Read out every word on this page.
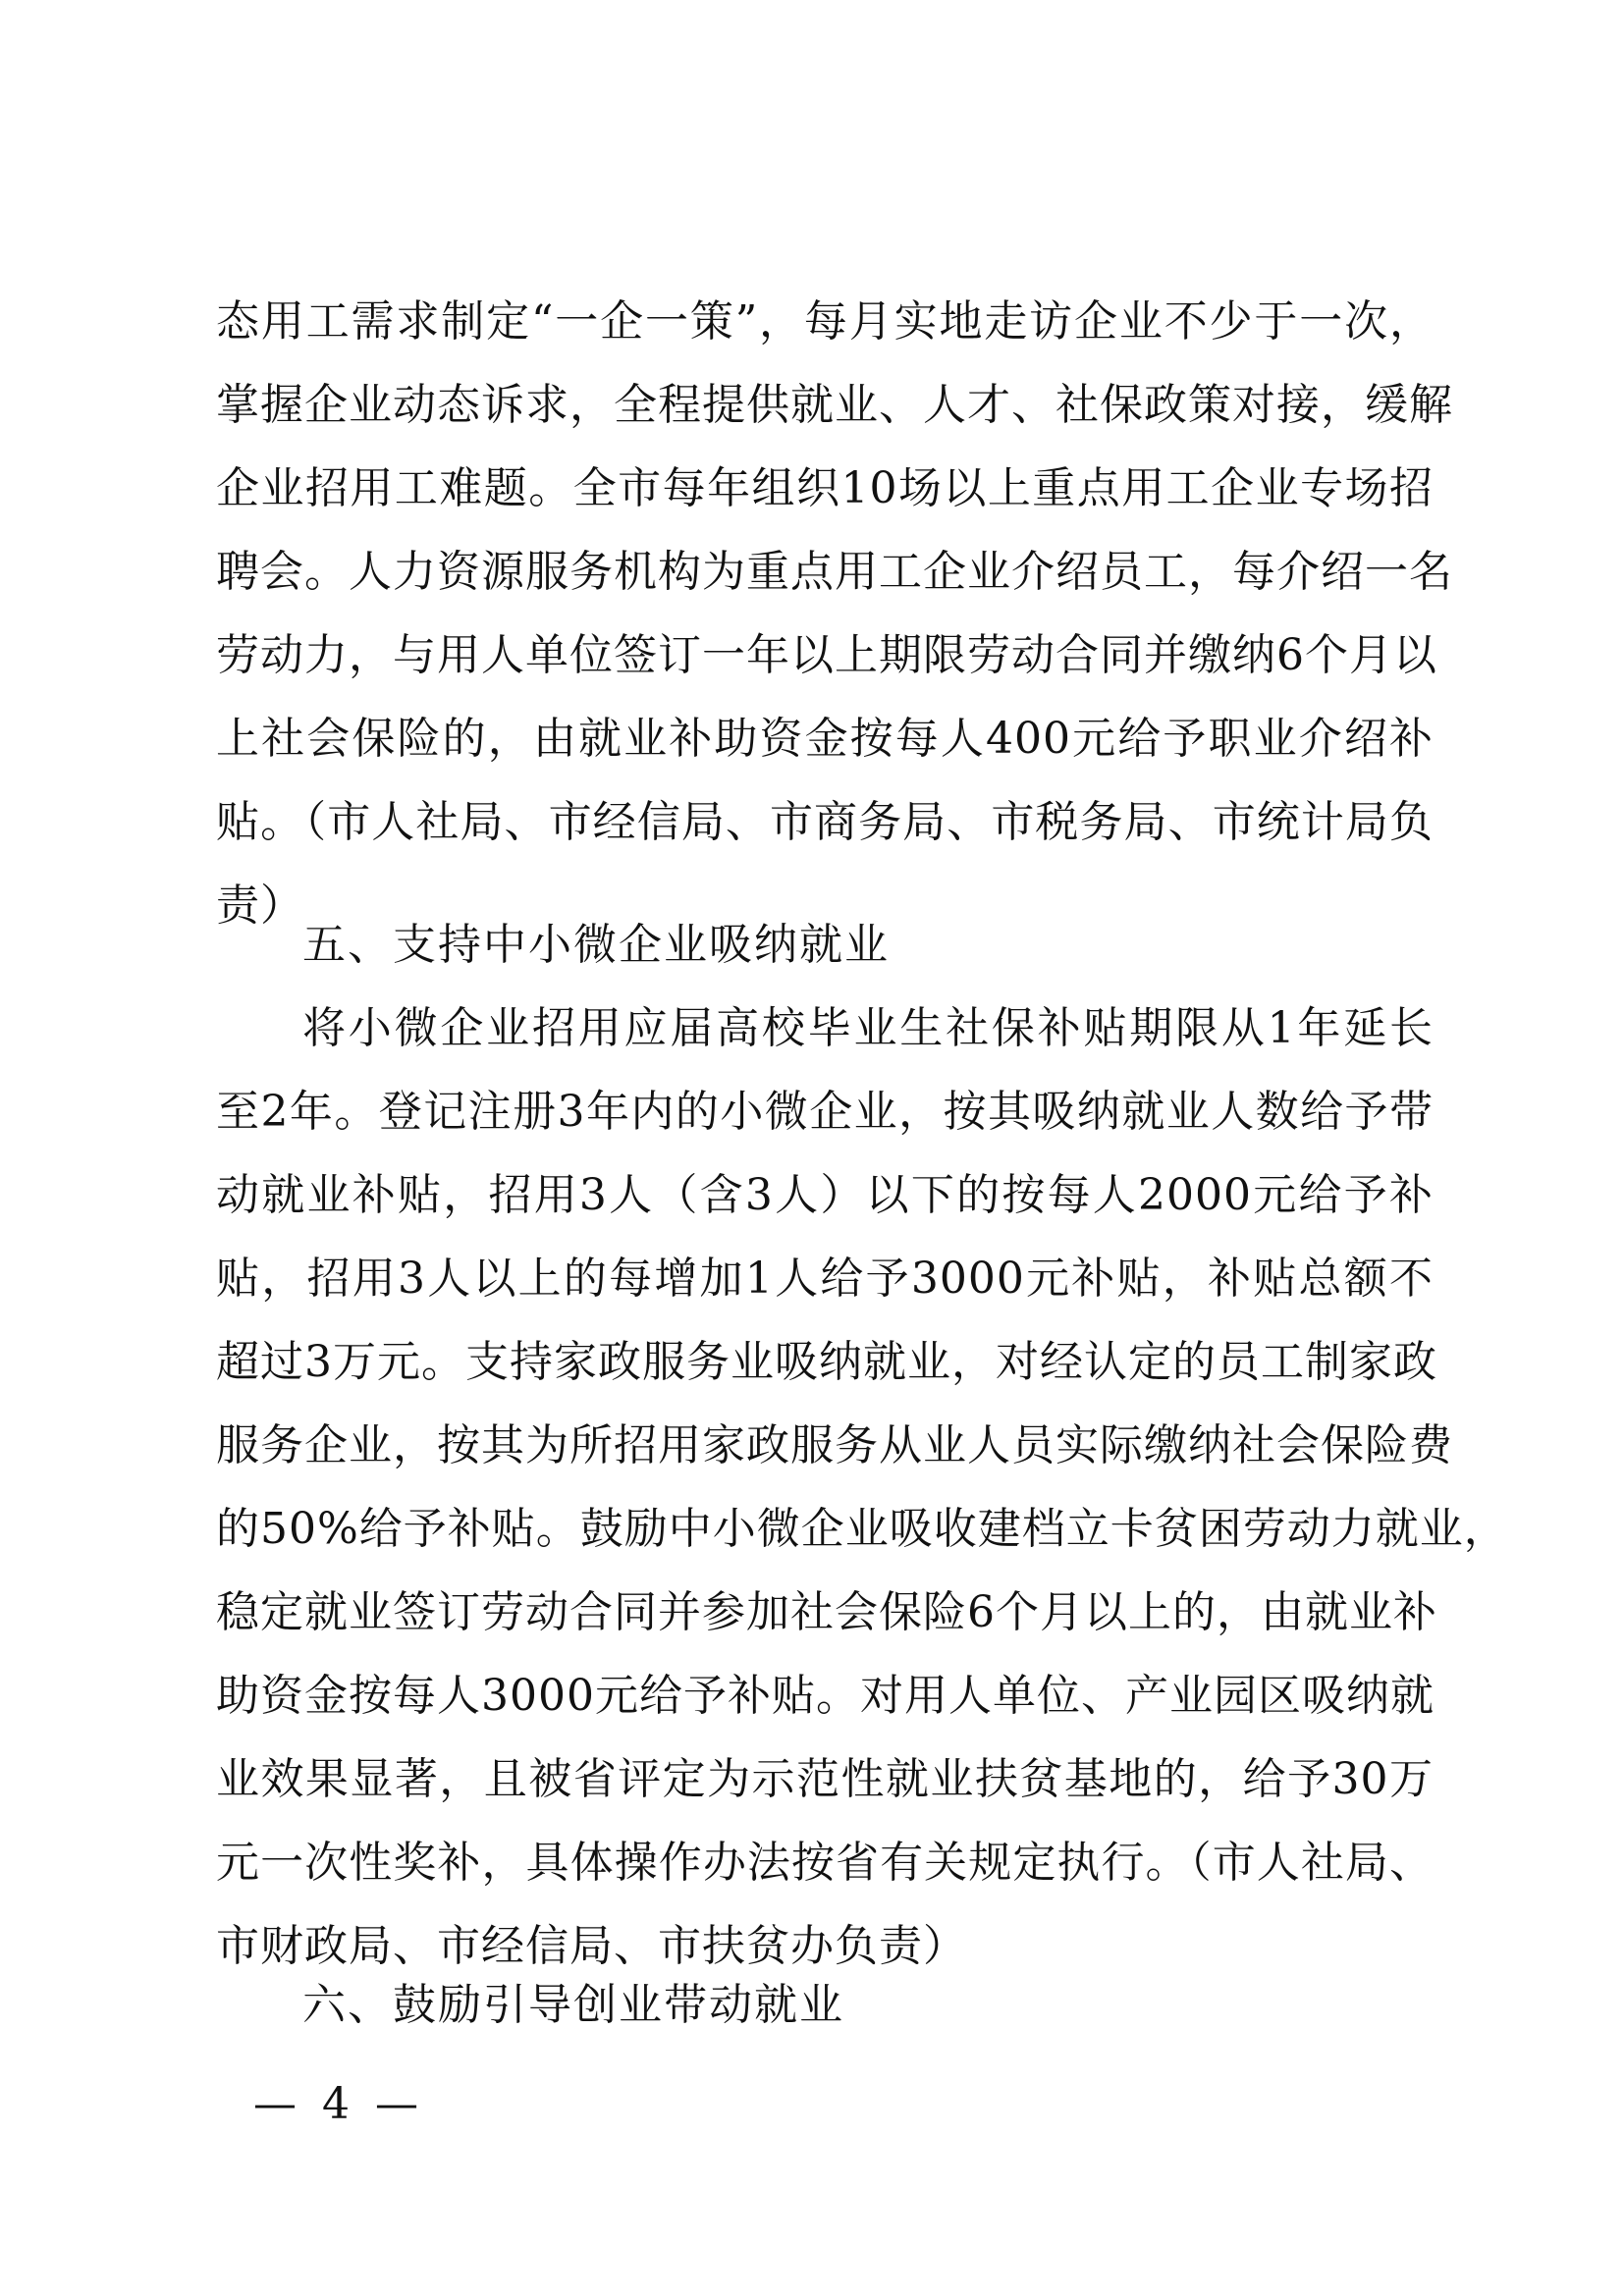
态用工需求制定“一企一策”，每月实地走访企业不少于一次，
掌握企业动态诉求，全程提供就业、人才、社保政策对接，缓解
企业招用工难题。全市每年组织10场以上重点用工企业专场招
聘会。人力资源服务机构为重点用工企业介绍员工，每介绍一名
劳动力，与用人单位签订一年以上期限劳动合同并缴纳6个月以
上社会保险的，由就业补助资金按每人400元给予职业介绍补
贴。（市人社局、市经信局、市商务局、市税务局、市统计局负
责）
五、支持中小微企业吸纳就业
将小微企业招用应届高校毕业生社保补贴期限从1年延长
至2年。登记注册3年内的小微企业，按其吸纳就业人数给予带
动就业补贴，招用3人（含3人）以下的按每人2000元给予补
贴，招用3人以上的每增加1人给予3000元补贴，补贴总额不
超过3万元。支持家政服务业吸纳就业，对经认定的员工制家政
服务企业，按其为所招用家政服务从业人员实际缴纳社会保险费
的50%给予补贴。鼓励中小微企业吸收建档立卡贫困劳动力就业，
稳定就业签订劳动合同并参加社会保险6个月以上的，由就业补
助资金按每人3000元给予补贴。对用人单位、产业园区吸纳就
业效果显著，且被省评定为示范性就业扶贫基地的，给予30万
元一次性奖补，具体操作办法按省有关规定执行。（市人社局、
市财政局、市经信局、市扶贫办负责）
六、鼓励引导创业带动就业
— 4 —
